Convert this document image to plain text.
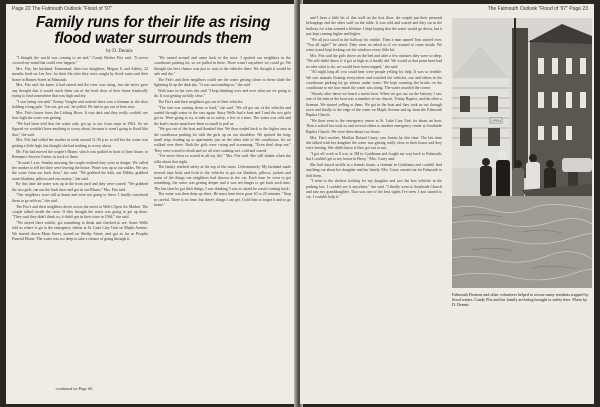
Page 22 The Falmouth Outlook "Flood of '97"
Family runs for their life as rising flood water surrounds them
by D. Dennis

"I thought the world was coming to an end," Candy Becker Fitz said. "It never crossed my mind that could ever happen."

Mrs. Fitz, her husband, Emmanuel, their two daughters, Megan, 6, and Ashley, 22 months lived on Lee Ave. for their life after they were caught by flood water and their home in Barnes Street in Falmouth.

Mrs. Fitz said the knew it had rained and the river was rising, but she never gave any thought that it would reach them out of the back door of their home frantically trying to find somewhere that was high and dry.

"I was being rescued," Kenny Vaughn and noticed there was a fireman at the door holding a long pole. 'Get out, get out,' he yelled. We had to get out of here now.

Mrs. Fitz's house faces the Licking River. It was dark and they really couldn't see how high the water was getting.

"We had been told that the water only got up to our front steps in 1964. So we figured we wouldn't have anything to worry about, because it wasn't going to flood like that," she said.

Mrs. Fitz had called her mother at work around 11:30 p.m. to tell her the water was getting a little high, but thought she had nothing to worry about.

Mr. Fitz had moved the couple's Blazer, which was parked in front of their house, to Brennan's Service Center, in back of them.

"Around 1 a.m. Sunday morning the couple realized they were in danger. We called her mother to tell her they were leaving the house. Water was up to our ankles. We saw the water from our back door," she said. "We grabbed the kids, our Bibles, grabbed some blankets, pillows and our money," she said.

By this time the water was up in the front yard and they were scared. "We grabbed the two girls, ran out the back door and got in our Blazer," Mrs. Fitz said.

"Our neighbors were still at home and were not going to leave. I finally convinced them to go with us," she said.

The Fitz's and their neighbors drove across the street to Welt's Open Air Market. The couple talked inside the store. If they thought the water was going to get up there. "They said they didn't think so, it didn't get in their store in 1964," she said.

"We stayed there awhile, got something to drink and checked to see. Some Wells told us where to go to the emergency shelter at St. Luke Cary Unit on Maple Avenue. We started down Main Street, turned on Shelby Street, and got as far as Peoples Funeral Home. The water was too deep to take a chance of going through it.

"We turned around and came back to the store. I spotted our neighbors in the courthouse parking lot, so we pulled in there. There wasn't anywhere we could go. We thought our best chance was just to wait in the vehicles there. We thought it would be safe and dry."

The Fitz's and their neighbors could see the water getting closer to them while the lightning lit up the dark sky. "It was surrounding us," she said.

With tears in her eyes she said "I kept thinking over and over what are we going to do. It was getting awfully close."

The Fitz's and their neighbors got out of their vehicles.

"The rain was coming down so hard," she said. "We all got out of the vehicles and waded through water to the cars again. Stacy Wells had a boat and I and the two girls got in. Were going to try to take us to safety, a few at a time. The water was cold and the boat's motor must have been so small to pull us.

"We got out of the boat and thanked him. We then waded back to the higher area in the courthouse parking lot with the girls up on our shoulders. We spotted the long, small steps leading up to apartments just on the other side of the courthouse. So we walked over there. Both the girls were crying and screaming. "Even don't drop me." They were scared to death and we all were soaking wet, cold and scared.

"I've never been so scared in all my life," Mrs. Fitz said. She still shakes when she talks about that night.

The family reached safety at the top of the stairs. Unfortunately, My husband made several trips back and forth to the vehicles to get our blankets, pillows, jackets and some of the things our neighbors had thrown in the car. Each time he went to get something, the water was getting deeper and it was ten hinges to get back each time. The last time he got their things, I was thinking 'I was so afraid he wasn't coming back.'

The water was then deep up there. He must have been gone 10 to 20 minutes. "Stop to careful. There is no time, but there's things I can get. I told him to forget it and to go home."

The Falmouth Outlook "Flood of '97" Page 23

and I have a little bit of that stuff on the first floor, the couple put their personal belongings and the other stuff on the table. It was cold and scared and they sat in the hallway for what seemed a lifetime. I kept hoping that the water would go down, but it just kept coming higher and higher.

"We all just stood in the hallway for awhile. Then a man named Tom started over. "You all right?" he asked. They went on asked us if we wanted to come inside. We went in and kept looking out the windows every little bit.

Mrs. Fitz said the girls drove on the bed and after a few minutes they were so deep. "We still didn't know if it got as high as it finally did. We would at that point have had no idea what to do, we would have been trapped," she said.

"All night long all you could hear were people yelling for help. It was so terrible. We saw animals floating everywhere and watched the vehicles, our and others in the courthouse parking lot go almost under water. We kept counting the bricks on the courthouse to see how much the water was rising. The water rounded the corner.

"Shortly after dawn we heard a motor boat. When we got out on the balcony I saw one of the men in the boat was a member of our church, Trinity Baptist, and the other a fireman. We started yelling at them. We got in the boat and they took us out through town and finally to the edge of the water on Maple Avenue and up from the Falmouth Baptist Church.

"We then went to the emergency center at St. Luke Cary Unit for about an hour. Then a school bus took us and several others to another emergency center at Southside Baptist Church. We were there about two hours.

Mrs. Fitz's mother, Marilyn Boland Casey, was frantic by this time. The last time she talked with her daughter the water was getting really close to their house and they were leaving. She didn't know if they got out or not.

"I got off work at 8 a.m. at 3M in Cynthiana and fought my way back to Falmouth, but I couldn't get to my house in Berry," Mrs. Casey said.

She had stayed awhile at a friends house, a fireman in Cynthiana and couldn't find anything out about her daughter and her family. Mrs. Casey started out for Falmouth to find them.

"I went to the shelters looking for my daughter and saw the box vehicles in the parking lots. I couldn't see it anywhere," she said. "I finally went to Southside Church and saw my granddaughter. That was one of the best sights I've seen. I just started to cry. I couldn't help it."

OPEN
Falmouth Firemen and other volunteers helped to rescue many residents trapped by flood waters. Candy Fitz and her family are being brought to safety here. Photo by D. Dennis.
continued on Page 66
